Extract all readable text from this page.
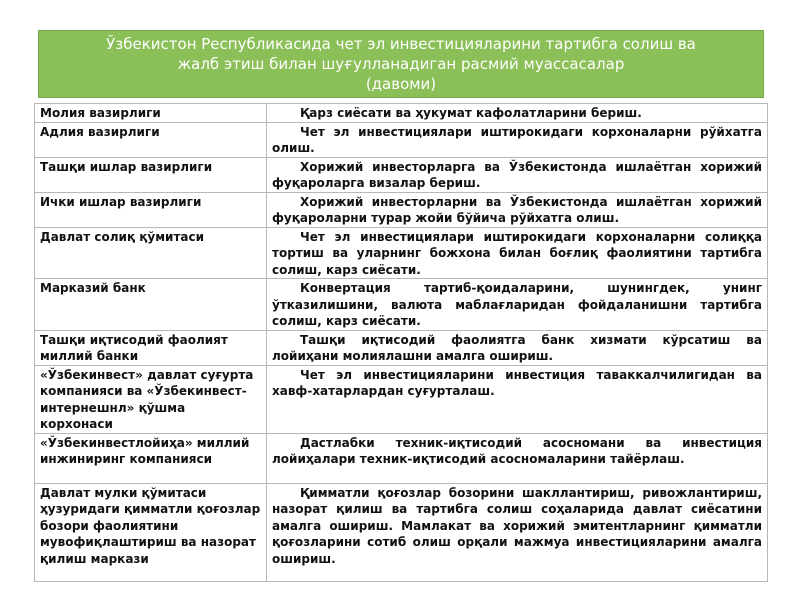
Ўзбекистон Республикасида чет эл инвестицияларини тартибга солиш ва
жалб этиш билан шуғулланадиган расмий муассасалар
(давоми)
Молия вазирлиги	Қарз сиёсати ва ҳукумат кафолатларини бериш.
Адлия вазирлиги	Чет эл инвестициялари иштирокидаги корхоналарни рўйхатга олиш.
Ташқи ишлар вазирлиги	Хорижий инвесторларга ва Ўзбекистонда ишлаётган хорижий фуқароларга визалар бериш.
Ички ишлар вазирлиги	Хорижий инвесторларни ва Ўзбекистонда ишлаётган хорижий фуқароларни турар жойи бўйича рўйхатга олиш.
Давлат солиқ қўмитаси	Чет эл инвестициялари иштирокидаги корхоналарни солиққа тортиш ва уларнинг божхона билан боғлиқ фаолиятини тартибга солиш, карз сиёсати.
Марказий банк	Конвертация тартиб-қоидаларини, шунингдек, унинг ўтказилишини, валюта маблағларидан фойдаланишни тартибга солиш, карз сиёсати.
Ташқи иқтисодий фаолият миллий банки	Ташқи иқтисодий фаолиятга банк хизмати кўрсатиш ва лойиҳани молиялашни амалга ошириш.
«Ўзбекинвест» давлат суғурта компанияси ва «Ўзбекинвест-интернешнл» қўшма корхонаси	Чет эл инвестицияларини инвестиция таваккалчилигидан ва хавф-хатарлардан суғурталаш.
«Ўзбекинвестлойиҳа» миллий инжиниринг компанияси	Дастлабки техник-иқтисодий асосномани ва инвестиция лойиҳалари техник-иқтисодий асосномаларини тайёрлаш.
Давлат мулки қўмитаси ҳузуридаги қимматли қоғозлар бозори фаолиятини мувофиқлаштириш ва назорат қилиш маркази	Қимматли қоғозлар бозорини шакллантириш, ривожлантириш, назорат қилиш ва тартибга солиш соҳаларида давлат сиёсатини амалга ошириш. Мамлакат ва хорижий эмитентларнинг қимматли қоғозларини сотиб олиш орқали мажмуа инвестицияларини амалга ошириш.
